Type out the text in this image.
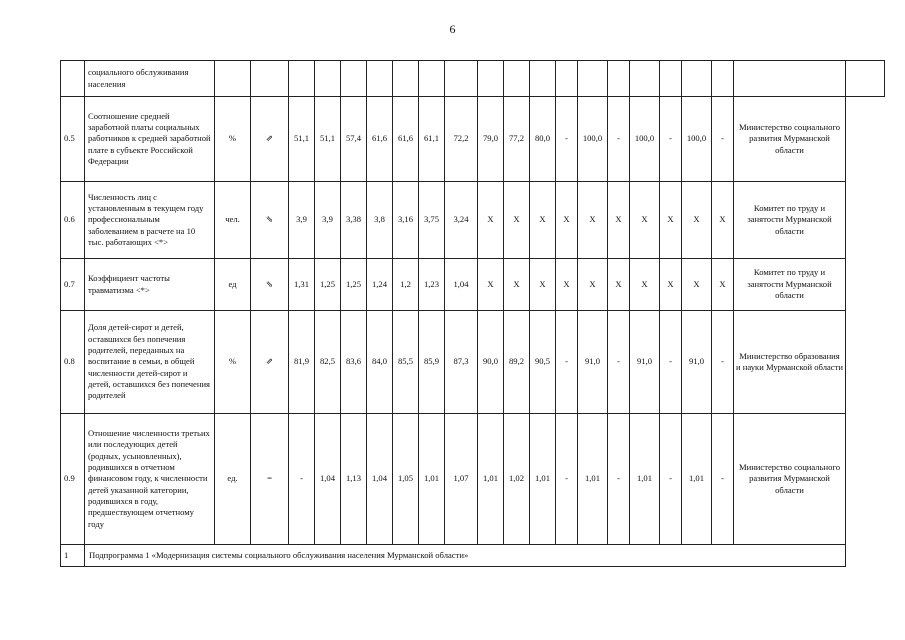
6
	социального обслуживания населения																					
0.5	Соотношение средней заработной платы социальных работников к средней заработной плате в субъекте Российской Федерации	%	⇗	51,1	51,1	57,4	61,6	61,6	61,1	72,2	79,0	77,2	80,0	-	100,0	-	100,0	-	100,0	-	Министерство социального развития Мурманской области	
0.6	Численность лиц с установленным в текущем году профессиональным заболеванием в расчете на 10 тыс. работающих <*>	чел.	⇘	3,9	3,9	3,38	3,8	3,16	3,75	3,24	X	X	X	X	X	X	X	X	X	X	Комитет по труду и занятости Мурманской области	
0.7	Коэффициент частоты травматизма <*>	ед	⇘	1,31	1,25	1,25	1,24	1,2	1,23	1,04	X	X	X	X	X	X	X	X	X	X	Комитет по труду и занятости Мурманской области	
0.8	Доля детей-сирот и детей, оставшихся без попечения родителей, переданных на воспитание в семьи, в общей численности детей-сирот и детей, оставшихся без попечения родителей	%	⇗	81,9	82,5	83,6	84,0	85,5	85,9	87,3	90,0	89,2	90,5	-	91,0	-	91,0	-	91,0	-	Министерство образования и науки Мурманской области	
0.9	Отношение численности третьих или последующих детей (родных, усыновленных), родившихся в отчетном финансовом году, к численности детей указанной категории, родившихся в году, предшествующем отчетному году	ед.	=	-	1,04	1,13	1,04	1,05	1,01	1,07	1,01	1,02	1,01	-	1,01	-	1,01	-	1,01	-	Министерство социального развития Мурманской области	
1	Подпрограмма 1 «Модернизация системы социального обслуживания населения Мурманской области»																					
